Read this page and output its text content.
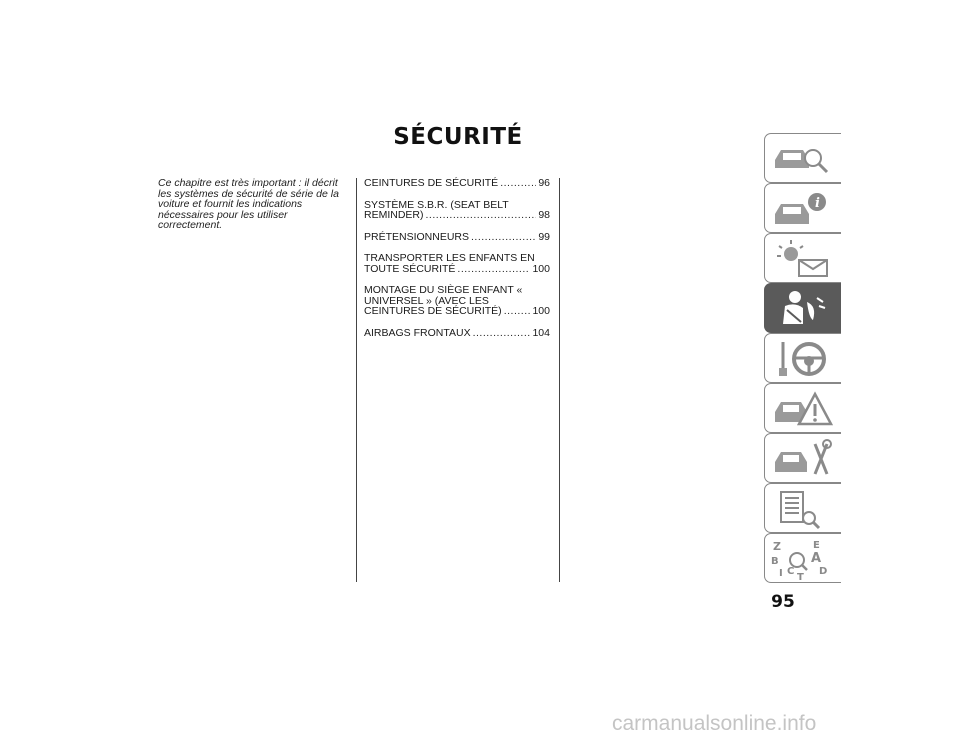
SÉCURITÉ
Ce chapitre est très important : il décrit les systèmes de sécurité de série de la voiture et fournit les indications nécessaires pour les utiliser correctement.
CEINTURES DE SÉCURITÉ .....	96
SYSTÈME S.B.R. (SEAT BELT
REMINDER) .....	98
PRÉTENSIONNEURS .....	99
TRANSPORTER LES ENFANTS EN
TOUTE SÉCURITÉ .....	100
MONTAGE DU SIÈGE ENFANT «
UNIVERSEL » (AVEC LES
CEINTURES DE SÉCURITÉ) .....	100
AIRBAGS FRONTAUX .....	104
i
Z	E
B A
I C
T
D
95
carmanualsonline.info
